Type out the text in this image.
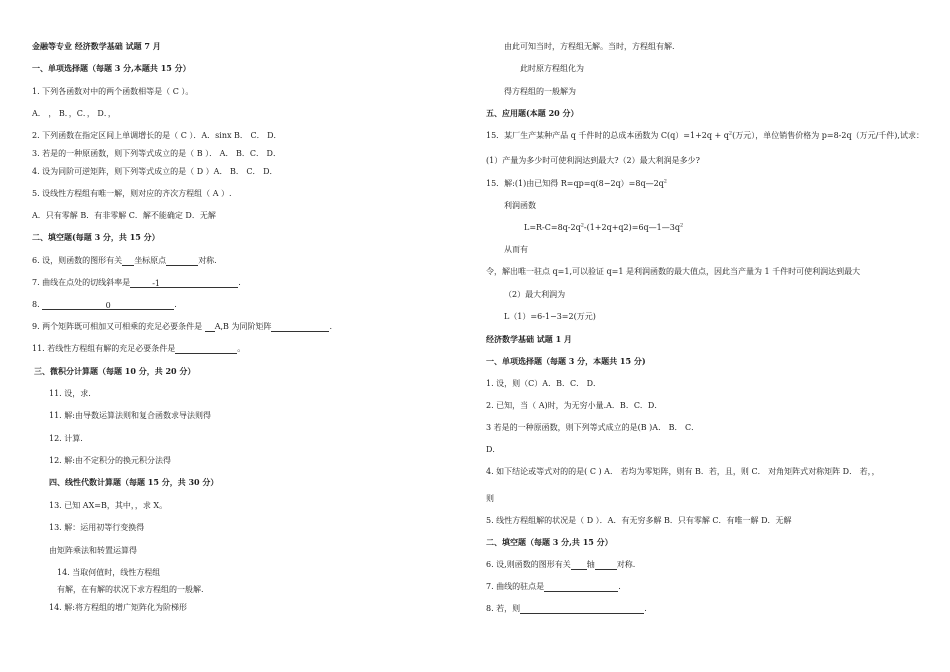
金融等专业 经济数学基础 试题 7 月
一、单项选择题（每题 3 分,本题共 15 分）
1. 下列各函数对中的两个函数相等是（ C ）。
A． ， B．，C．， D．，
2. 下列函数在指定区间上单调增长的是（ C ）．A．sinx B． C． D．
3. 若是的一种原函数，则下列等式成立的是（ B ）． A． B．C． D．
4. 设为同阶可逆矩阵，则下列等式成立的是（ D ）A． B． C． D．
5. 设线性方程组有唯一解，则对应的齐次方程组（ A ）.
A．只有零解 B．有非零解 C．解不能确定 D．无解
二、填空题(每题 3 分，共 15 分）
6. 设，则函数的图形有关 坐标原点	对称.
7. 曲线在点处的切线斜率是	-1	.
8.	0	.
9. 两个矩阵既可相加又可相乘的充足必要条件是 A,B 为同阶矩阵	.
11. 若线性方程组有解的充足必要条件是	。
三、微积分计算题（每题 10 分，共 20 分）
11. 设，求.
11. 解:由导数运算法则和复合函数求导法则得
12. 计算.
12. 解:由不定积分的换元积分法得
四、线性代数计算题（每题 15 分，共 30 分）
13. 已知 AX=B，其中，，求 X。
13. 解：运用初等行变换得
由矩阵乘法和转置运算得
14. 当取何值时，线性方程组
有解，在有解的状况下求方程组的一般解.
14. 解:将方程组的增广矩阵化为阶梯形
由此可知当时，方程组无解。当时，方程组有解.
此时原方程组化为
得方程组的一般解为
五、应用题(本题 20 分）
15．某厂生产某种产品 q 千件时的总成本函数为 $C(q)=1+2q + q^2$(万元），单位销售价格为 p=8-2q（万元/千件),试求：
(1）产量为多少时可使利润达到最大?（2）最大利润是多少?
15．解:(1)由已知得 $R=qp=q(8-2q)=8q—2q^2$
利润函数
$L=R-C=8q-2q^2-(1+2q+q2)=6q—1—3q^2$
从而有
令，解出唯一驻点 q=1,可以验证 q=1 是利润函数的最大值点，因此当产量为 1 千件时可使利润达到最大
（2）最大利润为
L（1）=6-1−3=2(万元)
经济数学基础 试题 1 月
一、单项选择题（每题 3 分，本题共 15 分)
1. 设，则（C）A．B．C． D．
2. 已知，当（ A)时，为无穷小量.A．B．C．D．
3 若是的一种原函数，则下列等式成立的是(B )A． B． C．
D．
4. 如下结论或等式对的的是( C ) A． 若均为零矩阵，则有 B．若，且，则 C． 对角矩阵式对称矩阵 D． 若，，
则
5. 线性方程组解的状况是（ D ）．A．有无穷多解 B．只有零解 C．有唯一解 D．无解
二、填空题（每题 3 分,共 15 分）
6. 设,则函数的图形有关 轴	对称.
7. 曲线的驻点是	.
8. 若，则	.
